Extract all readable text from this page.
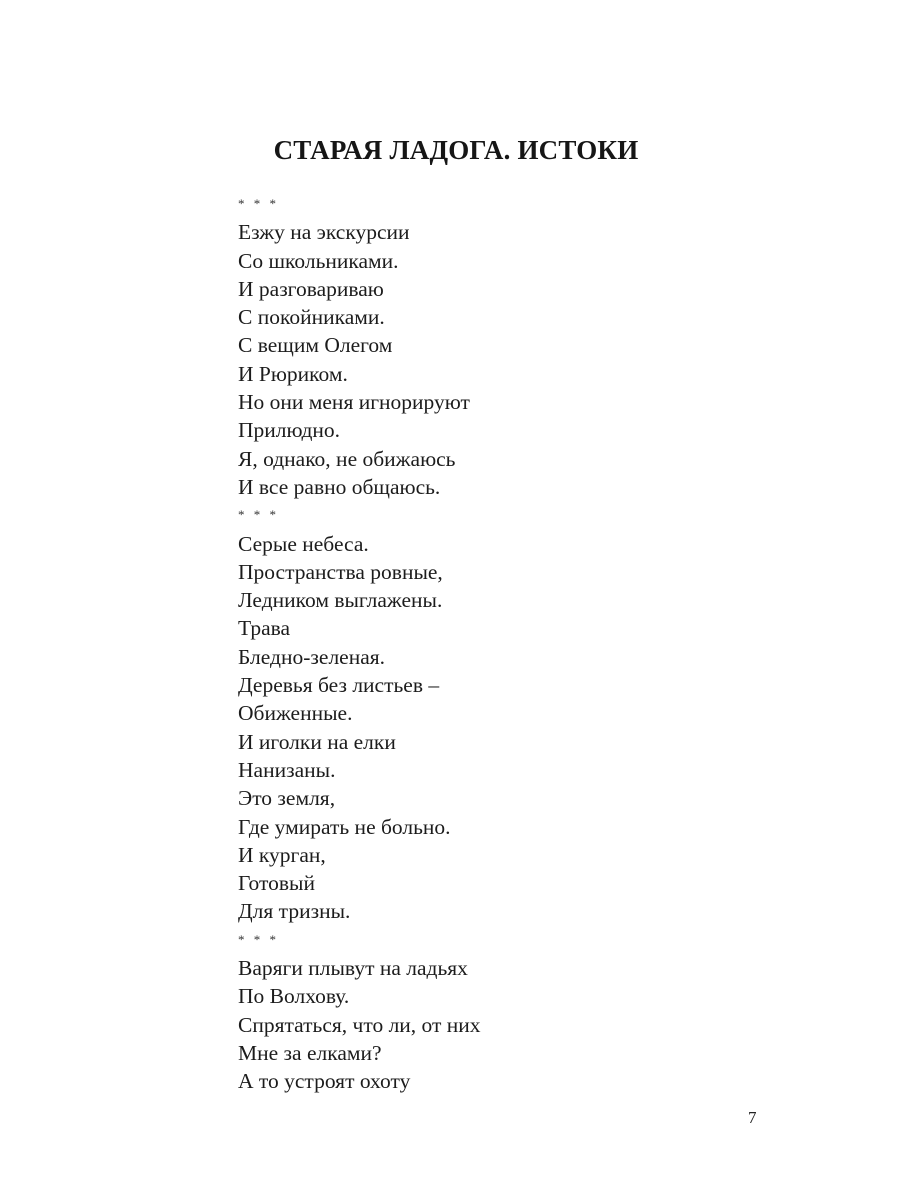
СТАРАЯ ЛАДОГА. ИСТОКИ
* * *
Езжу на экскурсии
Со школьниками.
И разговариваю
С покойниками.
С вещим Олегом
И Рюриком.
Но они меня игнорируют
Прилюдно.
Я, однако, не обижаюсь
И все равно общаюсь.
* * *
Серые небеса.
Пространства ровные,
Ледником выглажены.
Трава
Бледно-зеленая.
Деревья без листьев –
Обиженные.
И иголки на елки
Нанизаны.
Это земля,
Где умирать не больно.
И курган,
Готовый
Для тризны.
* * *
Варяги плывут на ладьях
По Волхову.
Спрятаться, что ли, от них
Мне за елками?
А то устроят охоту
7
